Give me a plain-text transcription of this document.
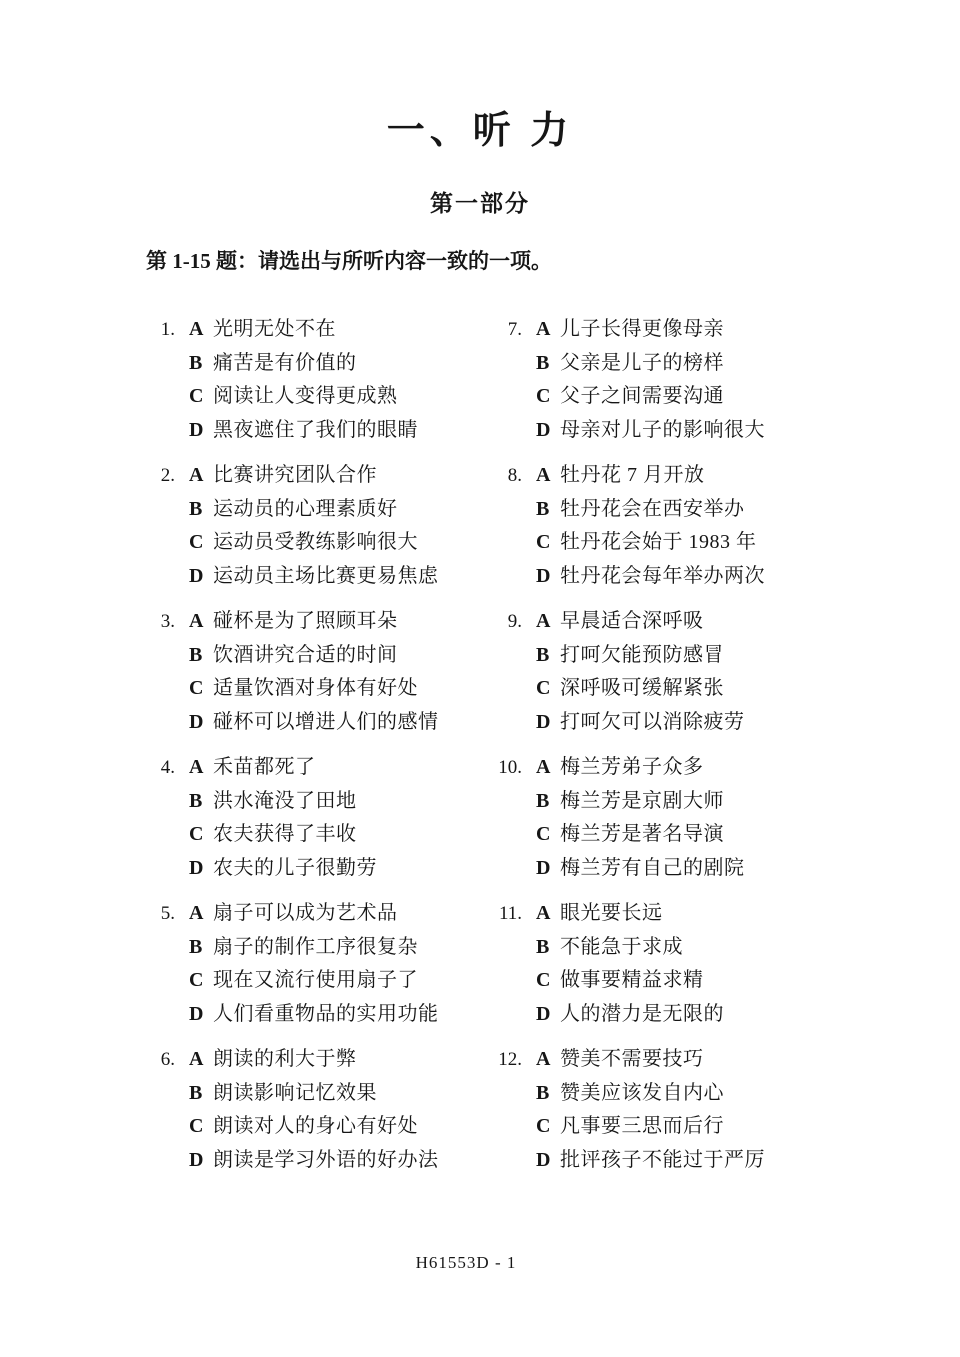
一、听 力
第一部分

第 1-15 题：请选出与所听内容一致的一项。

1. A 光明无处不在
B 痛苦是有价值的
C 阅读让人变得更成熟
D 黑夜遮住了我们的眼睛
2. A 比赛讲究团队合作
B 运动员的心理素质好
C 运动员受教练影响很大
D 运动员主场比赛更易焦虑
3. A 碰杯是为了照顾耳朵
B 饮酒讲究合适的时间
C 适量饮酒对身体有好处
D 碰杯可以增进人们的感情
4. A 禾苗都死了
B 洪水淹没了田地
C 农夫获得了丰收
D 农夫的儿子很勤劳
5. A 扇子可以成为艺术品
B 扇子的制作工序很复杂
C 现在又流行使用扇子了
D 人们看重物品的实用功能
6. A 朗读的利大于弊
B 朗读影响记忆效果
C 朗读对人的身心有好处
D 朗读是学习外语的好办法
7. A 儿子长得更像母亲
B 父亲是儿子的榜样
C 父子之间需要沟通
D 母亲对儿子的影响很大
8. A 牡丹花 7 月开放
B 牡丹花会在西安举办
C 牡丹花会始于 1983 年
D 牡丹花会每年举办两次
9. A 早晨适合深呼吸
B 打呵欠能预防感冒
C 深呼吸可缓解紧张
D 打呵欠可以消除疲劳
10. A 梅兰芳弟子众多
B 梅兰芳是京剧大师
C 梅兰芳是著名导演
D 梅兰芳有自己的剧院
11. A 眼光要长远
B 不能急于求成
C 做事要精益求精
D 人的潜力是无限的
12. A 赞美不需要技巧
B 赞美应该发自内心
C 凡事要三思而后行
D 批评孩子不能过于严厉
H61553D - 1
